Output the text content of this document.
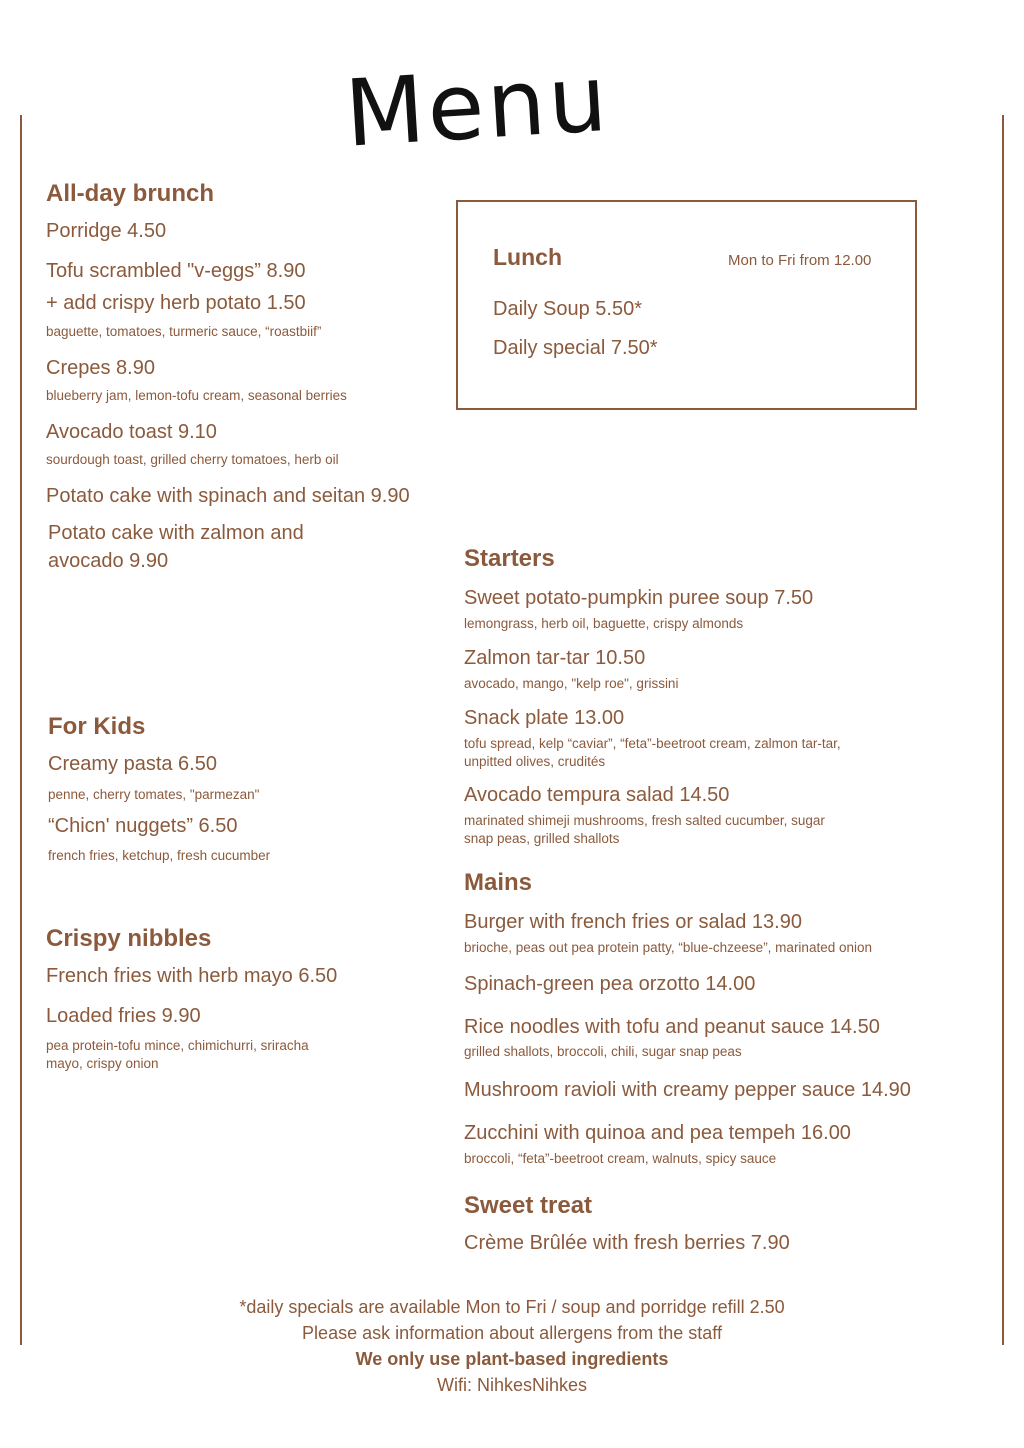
Menu
All-day brunch
Porridge 4.50
Tofu scrambled "v-eggs” 8.90
+ add crispy herb potato 1.50
baguette, tomatoes, turmeric sauce, “roastbiif”
Crepes 8.90
blueberry jam, lemon-tofu cream, seasonal berries
Avocado toast 9.10
sourdough toast, grilled cherry tomatoes, herb oil
Potato cake with spinach and seitan 9.90
Potato cake with zalmon and
avocado 9.90
Lunch	Mon to Fri from 12.00
Daily Soup 5.50*
Daily special 7.50*
For Kids
Creamy pasta 6.50
penne, cherry tomates, "parmezan"
“Chicn' nuggets” 6.50
french fries, ketchup, fresh cucumber
Crispy nibbles
French fries with herb mayo 6.50
Loaded fries 9.90
pea protein-tofu mince, chimichurri, sriracha
mayo, crispy onion
Starters
Sweet potato-pumpkin puree soup 7.50
lemongrass, herb oil, baguette, crispy almonds
Zalmon tar-tar 10.50
avocado, mango, "kelp roe", grissini
Snack plate 13.00
tofu spread, kelp “caviar”, “feta”-beetroot cream, zalmon tar-tar,
unpitted olives, crudités
Avocado tempura salad 14.50
marinated shimeji mushrooms, fresh salted cucumber, sugar
snap peas, grilled shallots
Mains
Burger with french fries or salad 13.90
brioche, peas out pea protein patty, “blue-chzeese”, marinated onion
Spinach-green pea orzotto 14.00
Rice noodles with tofu and peanut sauce 14.50
grilled shallots, broccoli, chili, sugar snap peas
Mushroom ravioli with creamy pepper sauce 14.90
Zucchini with quinoa and pea tempeh 16.00
broccoli, “feta”-beetroot cream, walnuts, spicy sauce
Sweet treat
Crème Brûlée with fresh berries 7.90
*daily specials are available Mon to Fri / soup and porridge refill 2.50
Please ask information about allergens from the staff
We only use plant-based ingredients
Wifi: NihkesNihkes
